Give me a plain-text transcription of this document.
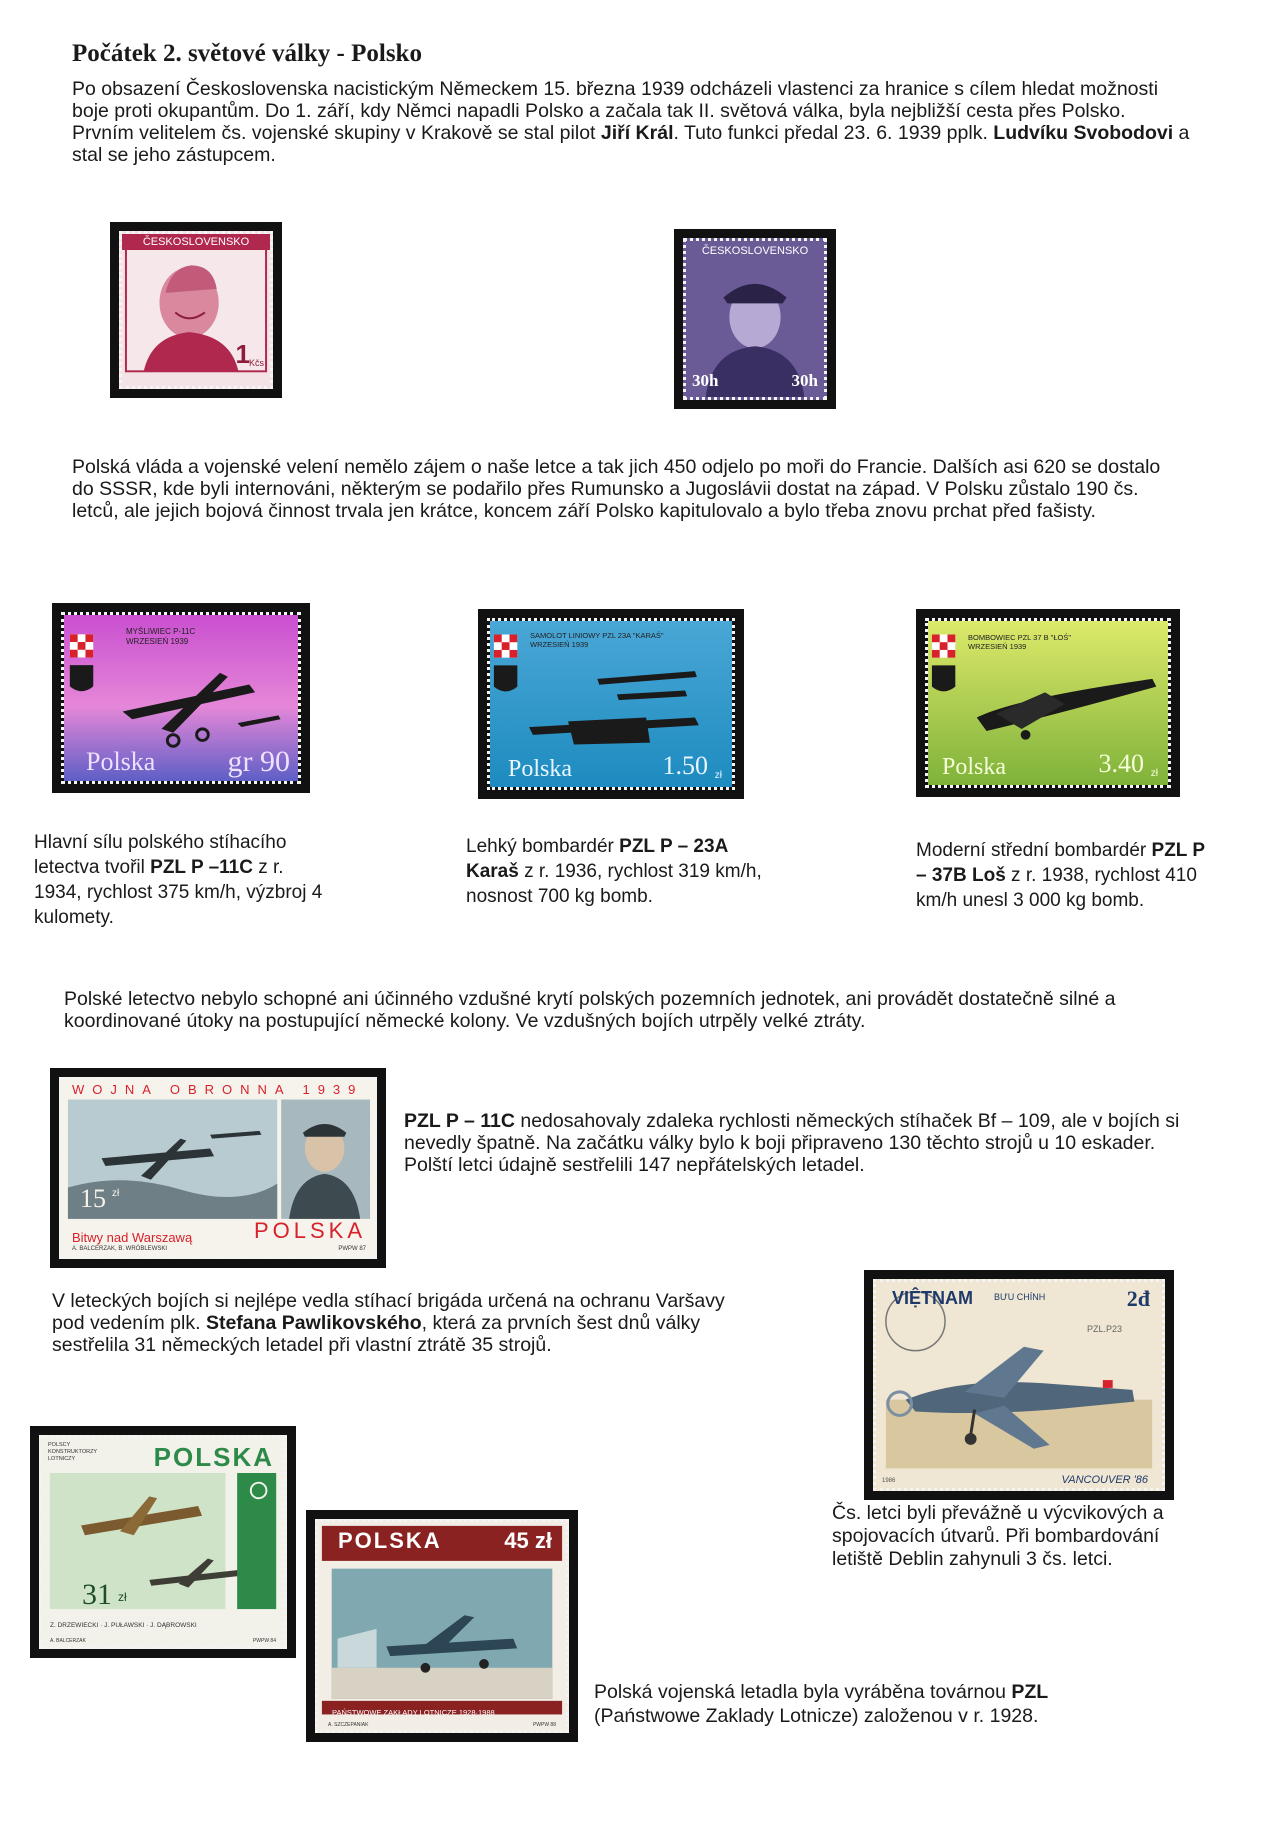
Počátek 2. světové války - Polsko

Po obsazení Československa nacistickým Německem 15. března 1939 odcházeli vlastenci za hranice s cílem hledat možnosti boje proti okupantům. Do 1. září, kdy Němci napadli Polsko a začala tak II. světová válka, byla nejbližší cesta přes Polsko.

Prvním velitelem čs. vojenské skupiny v Krakově se stal pilot Jiří Král. Tuto funkci předal 23. 6. 1939 pplk. Ludvíku Svobodovi a stal se jeho zástupcem.

ČESKOSLOVENSKO
1
Kčs
ČESKOSLOVENSKO
30h	30h
Polská vláda a vojenské velení nemělo zájem o naše letce a tak jich 450 odjelo po moři do Francie. Dalších asi 620 se dostalo do SSSR, kde byli internováni, některým se podařilo přes Rumunsko a Jugoslávii dostat na západ. V Polsku zůstalo 190 čs. letců, ale jejich bojová činnost trvala jen krátce, koncem září Polsko kapitulovalo a bylo třeba znovu prchat před fašisty.
MYŚLIWIEC P-11C
WRZESIEŃ 1939
Polska gr 90
SAMOLOT LINIOWY PZL 23A "KARAŚ"
WRZESIEŃ 1939
Polska	1.50 zł
BOMBOWIEC PZL 37 B "ŁOŚ"
WRZESIEŃ 1939
Polska	3.40 zł
Hlavní sílu polského stíhacího letectva tvořil PZL P –11C z r. 1934, rychlost 375 km/h, výzbroj 4 kulomety.
Lehký bombardér PZL P – 23A Karaš z r. 1936, rychlost 319 km/h, nosnost 700 kg bomb.
Moderní střední bombardér PZL P – 37B Loš z r. 1938, rychlost 410 km/h unesl 3 000 kg bomb.
Polské letectvo nebylo schopné ani účinného vzdušné krytí polských pozemních jednotek, ani provádět dostatečně silné a koordinované útoky na postupující německé kolony. Ve vzdušných bojích utrpěly velké ztráty.
WOJNA OBRONNA 1939
15 zł
Bitwy nad Warszawą
A. BALCERZAK, B. WRÓBLEWSKI
POLSKA
PWPW 87
PZL P – 11C nedosahovaly zdaleka rychlosti německých stíhaček Bf – 109, ale v bojích si nevedly špatně. Na začátku války bylo k boji připraveno 130 těchto strojů u 10 eskader. Polští letci údajně sestřelili 147 nepřátelských letadel.
VIỆTNAM BƯU CHÍNH	2đ
PZL.P23
1986	VANCOUVER '86
V leteckých bojích si nejlépe vedla stíhací brigáda určená na ochranu Varšavy pod vedením plk. Stefana Pawlikovského, která za prvních šest dnů války sestřelila 31 německých letadel při vlastní ztrátě 35 strojů.
POLSCY KONSTRUKTORZY LOTNICZY	POLSKA
31 zł
Z. DRZEWIECKI · J. PUŁAWSKI · J. DĄBROWSKI
A. BALCERZAK	PWPW 84
Čs. letci byli převážně u výcvikových a spojovacích útvarů. Při bombardování letiště Deblin zahynuli 3 čs. letci.
POLSKA	45 zł
PAŃSTWOWE ZAKŁADY LOTNICZE 1928·1988
A. SZCZEPANIAK	PWPW 88
Polská vojenská letadla byla vyráběna továrnou PZL (Państwowe Zaklady Lotnicze) založenou v r. 1928.
